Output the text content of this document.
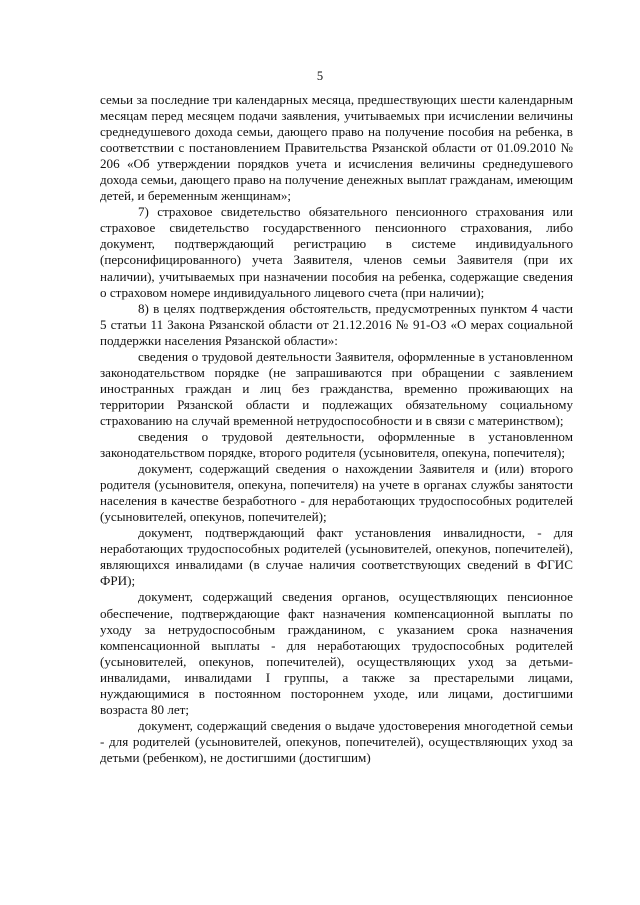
5

семьи за последние три календарных месяца, предшествующих шести календарным месяцам перед месяцем подачи заявления, учитываемых при исчислении величины среднедушевого дохода семьи, дающего право на получение пособия на ребенка, в соответствии с постановлением Правительства Рязанской области от 01.09.2010 № 206 «Об утверждении порядков учета и исчисления величины среднедушевого дохода семьи, дающего право на получение денежных выплат гражданам, имеющим детей, и беременным женщинам»;

7) страховое свидетельство обязательного пенсионного страхования или страховое свидетельство государственного пенсионного страхования, либо документ, подтверждающий регистрацию в системе индивидуального (персонифицированного) учета Заявителя, членов семьи Заявителя (при их наличии), учитываемых при назначении пособия на ребенка, содержащие сведения о страховом номере индивидуального лицевого счета (при наличии);

8) в целях подтверждения обстоятельств, предусмотренных пунктом 4 части 5 статьи 11 Закона Рязанской области от 21.12.2016 № 91-ОЗ «О мерах социальной поддержки населения Рязанской области»:

сведения о трудовой деятельности Заявителя, оформленные в установленном законодательством порядке (не запрашиваются при обращении с заявлением иностранных граждан и лиц без гражданства, временно проживающих на территории Рязанской области и подлежащих обязательному социальному страхованию на случай временной нетрудоспособности и в связи с материнством);

сведения о трудовой деятельности, оформленные в установленном законодательством порядке, второго родителя (усыновителя, опекуна, попечителя);

документ, содержащий сведения о нахождении Заявителя и (или) второго родителя (усыновителя, опекуна, попечителя) на учете в органах службы занятости населения в качестве безработного - для неработающих трудоспособных родителей (усыновителей, опекунов, попечителей);

документ, подтверждающий факт установления инвалидности, - для неработающих трудоспособных родителей (усыновителей, опекунов, попечителей), являющихся инвалидами (в случае наличия соответствующих сведений в ФГИС ФРИ);

документ, содержащий сведения органов, осуществляющих пенсионное обеспечение, подтверждающие факт назначения компенсационной выплаты по уходу за нетрудоспособным гражданином, с указанием срока назначения компенсационной выплаты - для неработающих трудоспособных родителей (усыновителей, опекунов, попечителей), осуществляющих уход за детьми-инвалидами, инвалидами I группы, а также за престарелыми лицами, нуждающимися в постоянном постороннем уходе, или лицами, достигшими возраста 80 лет;

документ, содержащий сведения о выдаче удостоверения многодетной семьи - для родителей (усыновителей, опекунов, попечителей), осуществляющих уход за детьми (ребенком), не достигшими (достигшим)
